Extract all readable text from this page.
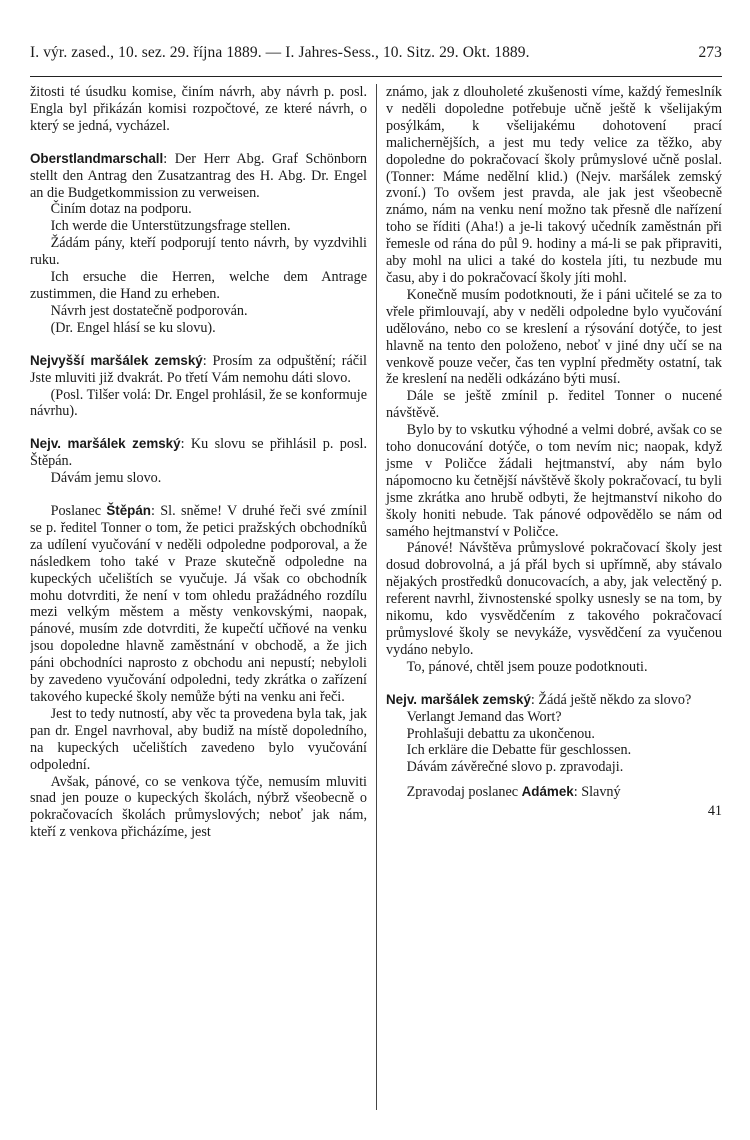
I. výr. zased., 10. sez. 29. října 1889. — I. Jahres-Sess., 10. Sitz. 29. Okt. 1889.	273

žitosti té úsudku komise, činím návrh, aby návrh p. posl. Engla byl přikázán komisi rozpočtové, ze které návrh, o který se jedná, vycházel.

Oberstlandmarschall: Der Herr Abg. Graf Schönborn stellt den Antrag den Zusatzantrag des H. Abg. Dr. Engel an die Budgetkommission zu verweisen.

Činím dotaz na podporu.

Ich werde die Unterstützungsfrage stellen.

Žádám pány, kteří podporují tento návrh, by vyzdvihli ruku.

Ich ersuche die Herren, welche dem Antrage zustimmen, die Hand zu erheben.

Návrh jest dostatečně podporován.

(Dr. Engel hlásí se ku slovu).

Nejvyšší maršálek zemský: Prosím za odpuštění; ráčil Jste mluviti již dvakrát. Po třetí Vám nemohu dáti slovo.

(Posl. Tilšer volá: Dr. Engel prohlásil, že se konformuje návrhu).

Nejv. maršálek zemský: Ku slovu se přihlásil p. posl. Štěpán.

Dávám jemu slovo.

Poslanec Štěpán: Sl. sněme! V druhé řeči své zmínil se p. ředitel Tonner o tom, že petici pražských obchodníků za udílení vyučování v neděli odpoledne podporoval, a že následkem toho také v Praze skutečně odpoledne na kupeckých učelištích se vyučuje. Já však co obchodník mohu dotvrditi, že není v tom ohledu pražádného rozdílu mezi velkým městem a městy venkovskými, naopak, pánové, musím zde dotvrditi, že kupečtí učňové na venku jsou dopoledne hlavně zaměstnání v obchodě, a že jich páni obchodníci naprosto z obchodu ani nepustí; nebyloli by zavedeno vyučování odpoledni, tedy zkrátka o zařízení takového kupecké školy nemůže býti na venku ani řeči.

Jest to tedy nutností, aby věc ta provedena byla tak, jak pan dr. Engel navrhoval, aby budiž na místě dopoledního, na kupeckých učelištích zavedeno bylo vyučování odpolední.

Avšak, pánové, co se venkova týče, nemusím mluviti snad jen pouze o kupeckých školách, nýbrž všeobecně o pokračovacích školách průmyslových; neboť jak nám, kteří z venkova přicházíme, jest

známo, jak z dlouholeté zkušenosti víme, každý řemeslník v neděli dopoledne potřebuje učně ještě k všelijakým posýlkám, k všelijakému dohotovení prací malichernějších, a jest mu tedy velice za těžko, aby dopoledne do pokračovací školy průmyslové učně poslal. (Tonner: Máme nedělní klid.) (Nejv. maršálek zemský zvoní.) To ovšem jest pravda, ale jak jest všeobecně známo, nám na venku není možno tak přesně dle nařízení toho se říditi (Aha!) a je-li takový učedník zaměstnán při řemesle od rána do půl 9. hodiny a má-li se pak připraviti, aby mohl na ulici a také do kostela jíti, tu nezbude mu času, aby i do pokračovací školy jíti mohl.

Konečně musím podotknouti, že i páni učitelé se za to vřele přimlouvají, aby v neděli odpoledne bylo vyučování udělováno, nebo co se kreslení a rýsování dotýče, to jest hlavně na tento den položeno, neboť v jiné dny učí se na venkově pouze večer, čas ten vyplní předměty ostatní, tak že kreslení na neděli odkázáno býti musí.

Dále se ještě zmínil p. ředitel Tonner o nucené návštěvě.

Bylo by to vskutku výhodné a velmi dobré, avšak co se toho donucování dotýče, o tom nevím nic; naopak, když jsme v Poličce žádali hejtmanství, aby nám bylo nápomocno ku četnější návštěvě školy pokračovací, tu byli jsme zkrátka ano hrubě odbyti, že hejtmanství nikoho do školy honiti nebude. Tak pánové odpovědělo se nám od samého hejtmanství v Poličce.

Pánové! Návštěva průmyslové pokračovací školy jest dosud dobrovolná, a já přál bych si upřímně, aby stávalo nějakých prostředků donucovacích, a aby, jak velectěný p. referent navrhl, živnostenské spolky usnesly se na tom, by nikomu, kdo vysvědčením z takového pokračovací průmyslové školy se nevykáže, vysvědčení za vyučenou vydáno nebylo.

To, pánové, chtěl jsem pouze podotknouti.

Nejv. maršálek zemský: Žádá ještě někdo za slovo?

Verlangt Jemand das Wort?

Prohlašuji debattu za ukončenou.

Ich erkläre die Debatte für geschlossen.

Dávám závěrečné slovo p. zpravodaji.

Zpravodaj poslanec Adámek: Slavný

41
